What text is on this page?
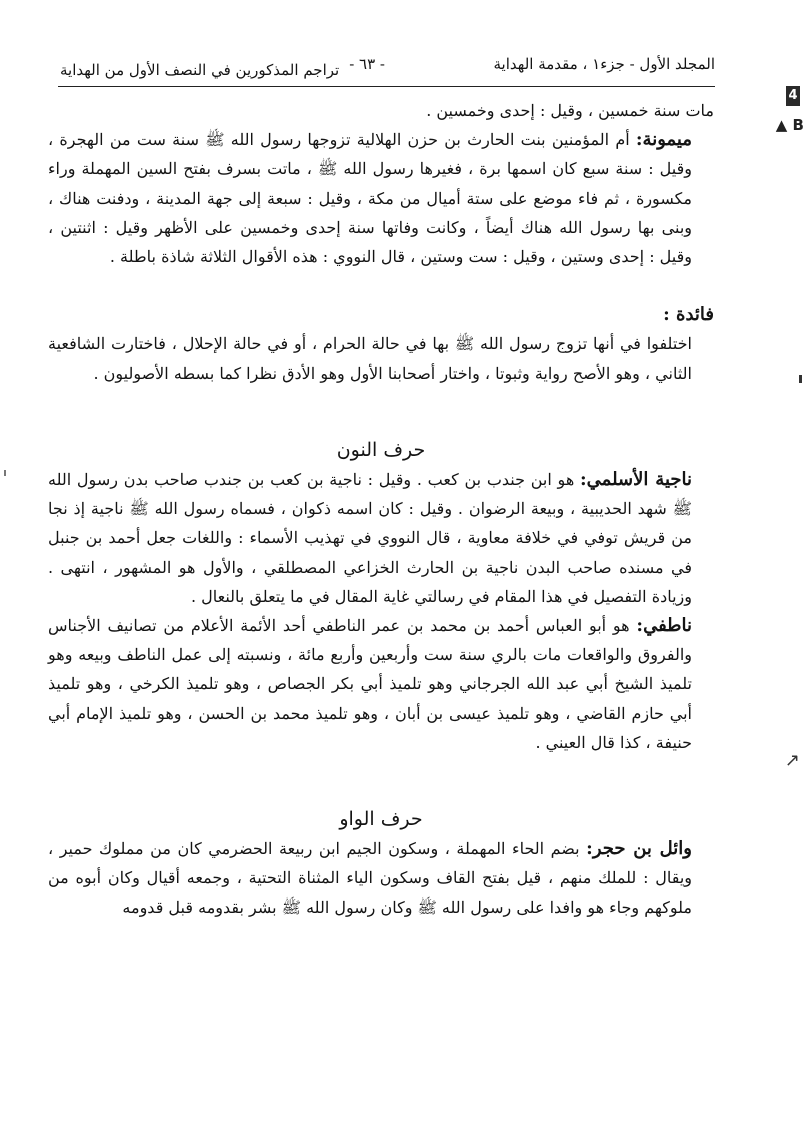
المجلد الأول - جزء١ ، مقدمة الهداية
- ٦٣ -
تراجم المذكورين في النصف الأول من الهداية

مات سنة خمسين ، وقيل : إحدى وخمسين .

ميمونة: أم المؤمنين بنت الحارث بن حزن الهلالية تزوجها رسول الله ﷺ سنة ست من الهجرة ، وقيل : سنة سبع كان اسمها برة ، فغيرها رسول الله ﷺ ، ماتت بسرف بفتح السين المهملة وراء مكسورة ، ثم فاء موضع على ستة أميال من مكة ، وقيل : سبعة إلى جهة المدينة ، ودفنت هناك ، وبنى بها رسول الله هناك أيضاً ، وكانت وفاتها سنة إحدى وخمسين على الأظهر وقيل : اثنتين ، وقيل : إحدى وستين ، وقيل : ست وستين ، قال النووي : هذه الأقوال الثلاثة شاذة باطلة .

فائدة :

اختلفوا في أنها تزوج رسول الله ﷺ بها في حالة الحرام ، أو في حالة الإحلال ، فاختارت الشافعية الثاني ، وهو الأصح رواية وثبوتا ، واختار أصحابنا الأول وهو الأدق نظرا كما بسطه الأصوليون .

حرف النون

ناجية الأسلمي: هو ابن جندب بن كعب . وقيل : ناجية بن كعب بن جندب صاحب بدن رسول الله ﷺ شهد الحديبية ، وبيعة الرضوان . وقيل : كان اسمه ذكوان ، فسماه رسول الله ﷺ ناجية إذ نجا من قريش توفي في خلافة معاوية ، قال النووي في تهذيب الأسماء : واللغات جعل أحمد بن جنبل في مسنده صاحب البدن ناجية بن الحارث الخزاعي المصطلقي ، والأول هو المشهور ، انتهى . وزيادة التفصيل في هذا المقام في رسالتي غاية المقال في ما يتعلق بالنعال .

ناطفي: هو أبو العباس أحمد بن محمد بن عمر الناطفي أحد الأئمة الأعلام من تصانيف الأجناس والفروق والواقعات مات بالري سنة ست وأربعين وأربع مائة ، ونسبته إلى عمل الناطف وبيعه وهو تلميذ الشيخ أبي عبد الله الجرجاني وهو تلميذ أبي بكر الجصاص ، وهو تلميذ الكرخي ، وهو تلميذ أبي حازم القاضي ، وهو تلميذ عيسى بن أبان ، وهو تلميذ محمد بن الحسن ، وهو تلميذ الإمام أبي حنيفة ، كذا قال العيني .

حرف الواو

وائل بن حجر: بضم الحاء المهملة ، وسكون الجيم ابن ربيعة الحضرمي كان من مملوك حمير ، ويقال : للملك منهم ، قيل بفتح القاف وسكون الياء المثناة التحتية ، وجمعه أقيال وكان أبوه من ملوكهم وجاء هو وافدا على رسول الله ﷺ وكان رسول الله ﷺ بشر بقدومه قبل قدومه

4
▲ B
↗
